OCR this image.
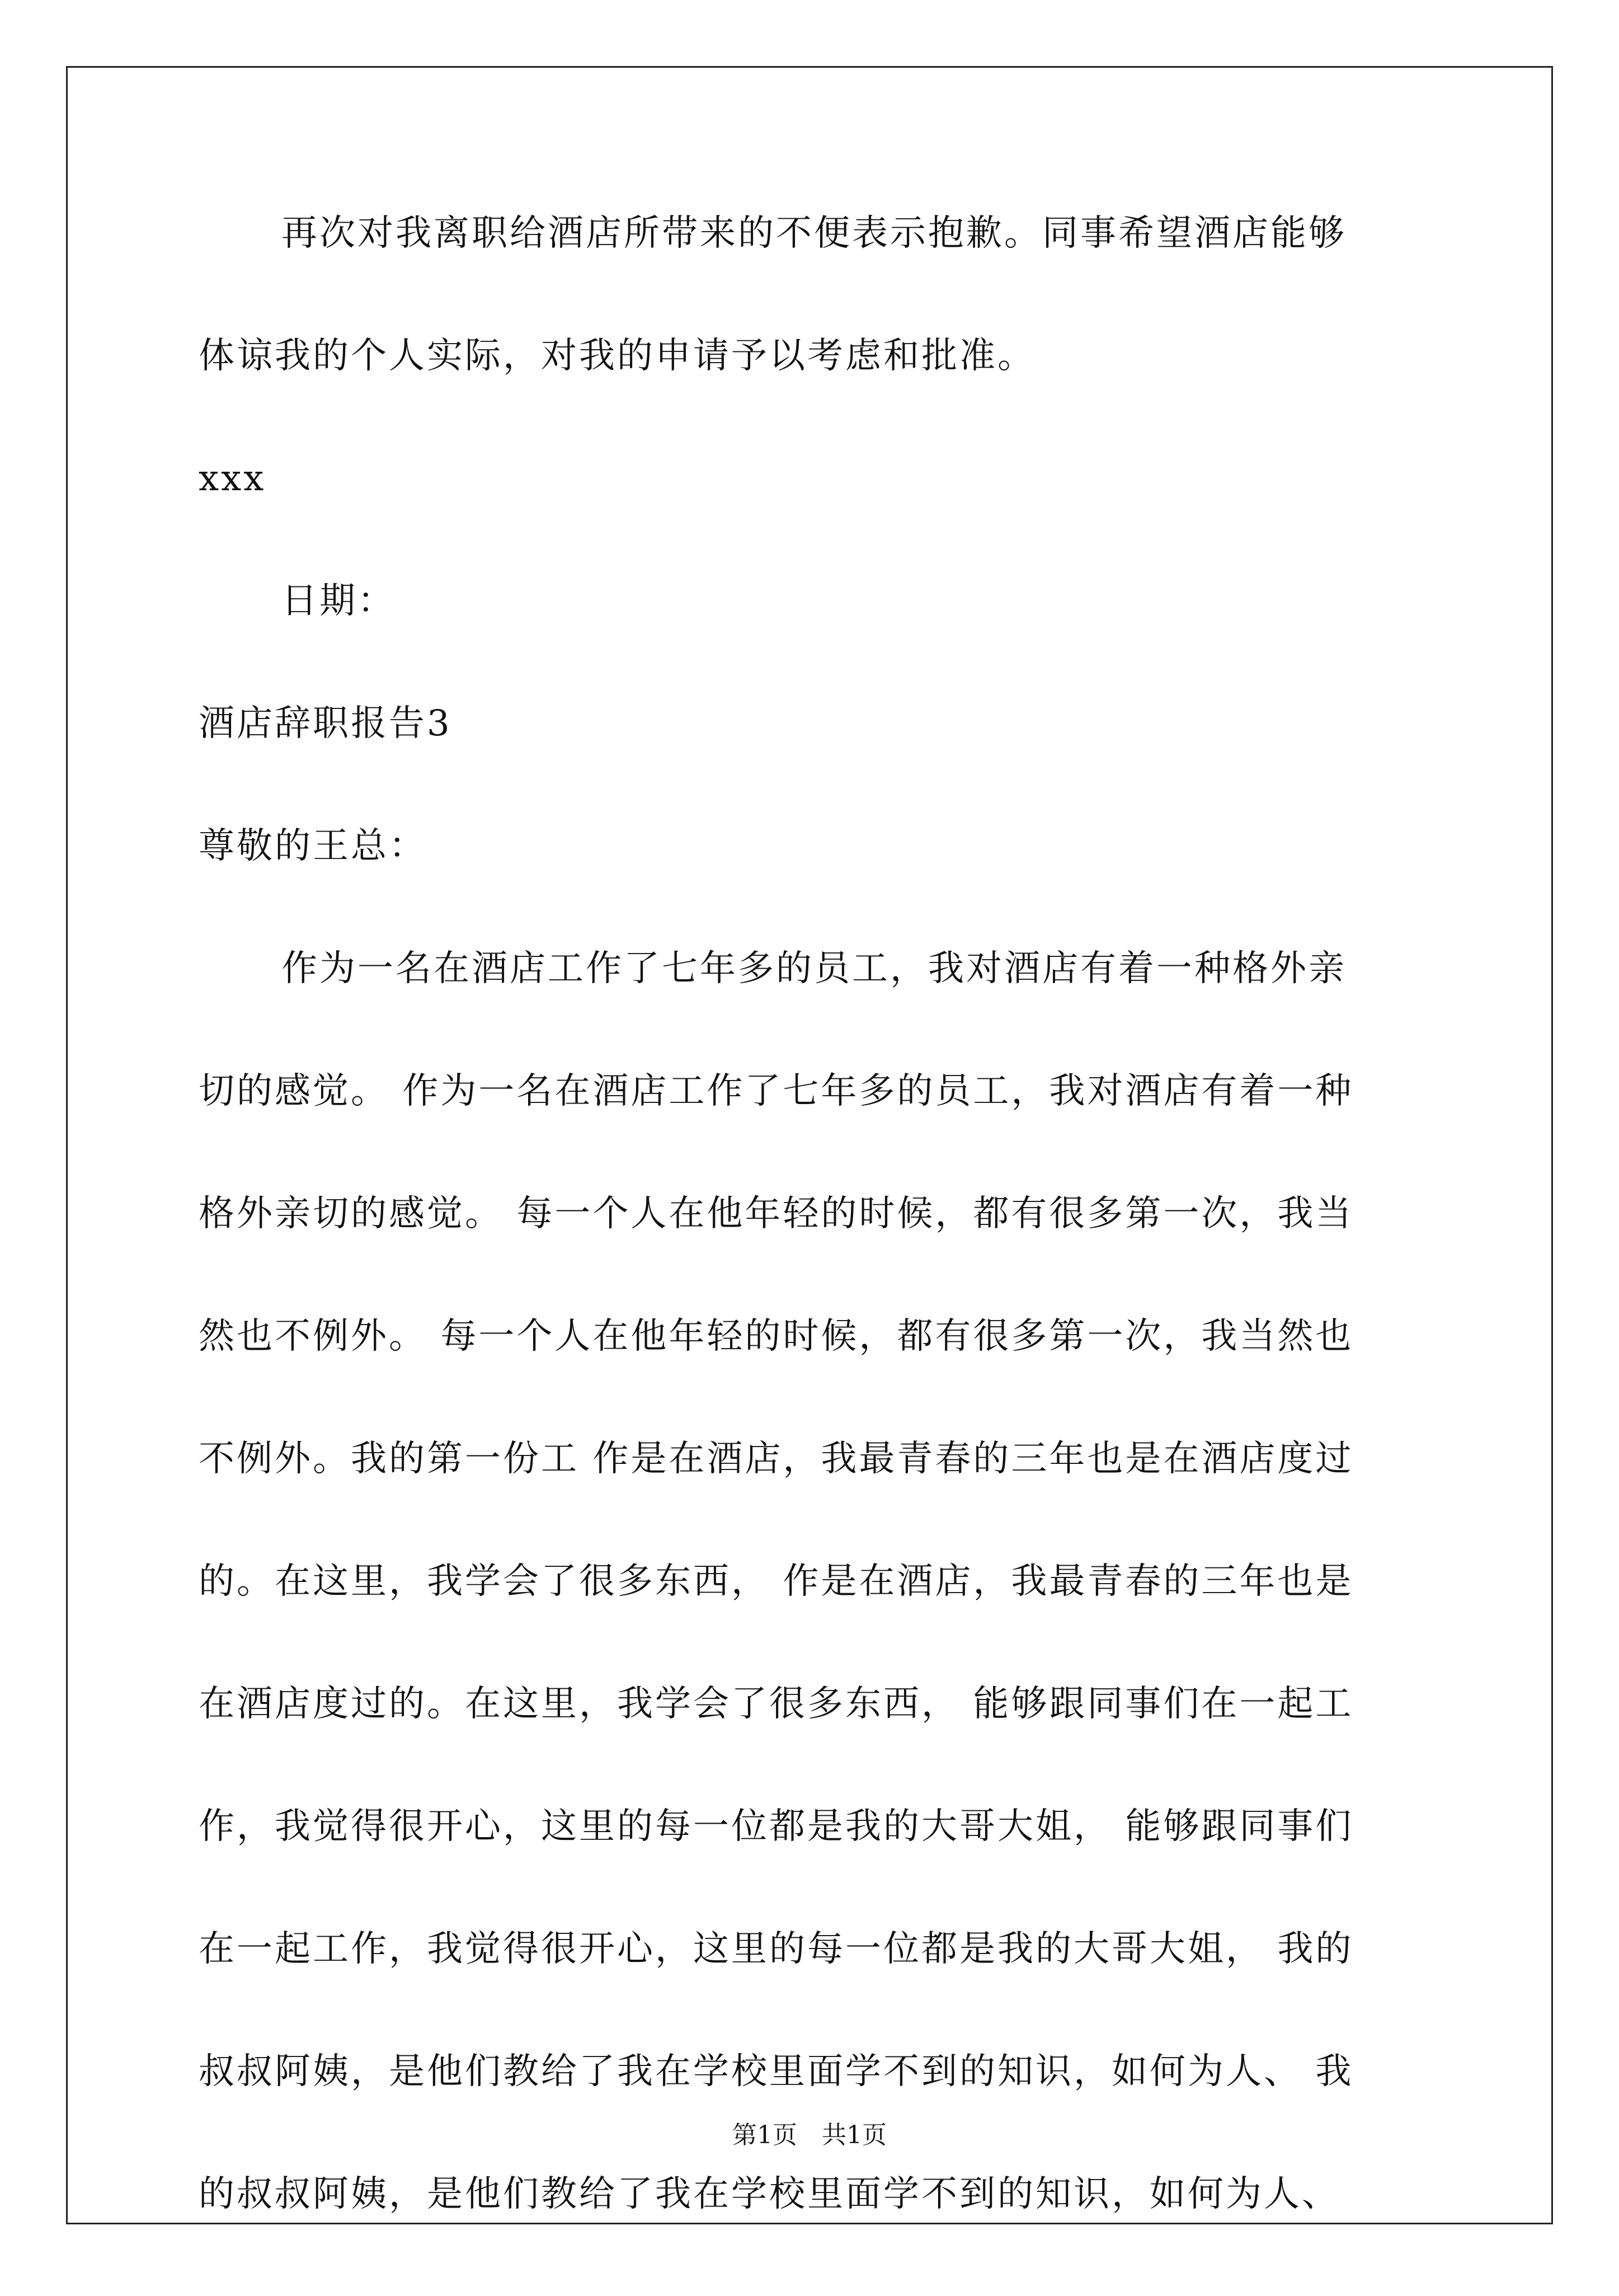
再次对我离职给酒店所带来的不便表示抱歉。同事希望酒店能够

体谅我的个人实际，对我的申请予以考虑和批准。

xxx

日期：

酒店辞职报告3

尊敬的王总：

作为一名在酒店工作了七年多的员工，我对酒店有着一种格外亲

切的感觉。 作为一名在酒店工作了七年多的员工，我对酒店有着一种

格外亲切的感觉。 每一个人在他年轻的时候，都有很多第一次，我当

然也不例外。 每一个人在他年轻的时候，都有很多第一次，我当然也

不例外。我的第一份工 作是在酒店，我最青春的三年也是在酒店度过

的。在这里，我学会了很多东西， 作是在酒店，我最青春的三年也是

在酒店度过的。在这里，我学会了很多东西， 能够跟同事们在一起工

作，我觉得很开心，这里的每一位都是我的大哥大姐， 能够跟同事们

在一起工作，我觉得很开心，这里的每一位都是我的大哥大姐， 我的

叔叔阿姨，是他们教给了我在学校里面学不到的知识，如何为人、 我

的叔叔阿姨，是他们教给了我在学校里面学不到的知识，如何为人、

第1页　共1页
